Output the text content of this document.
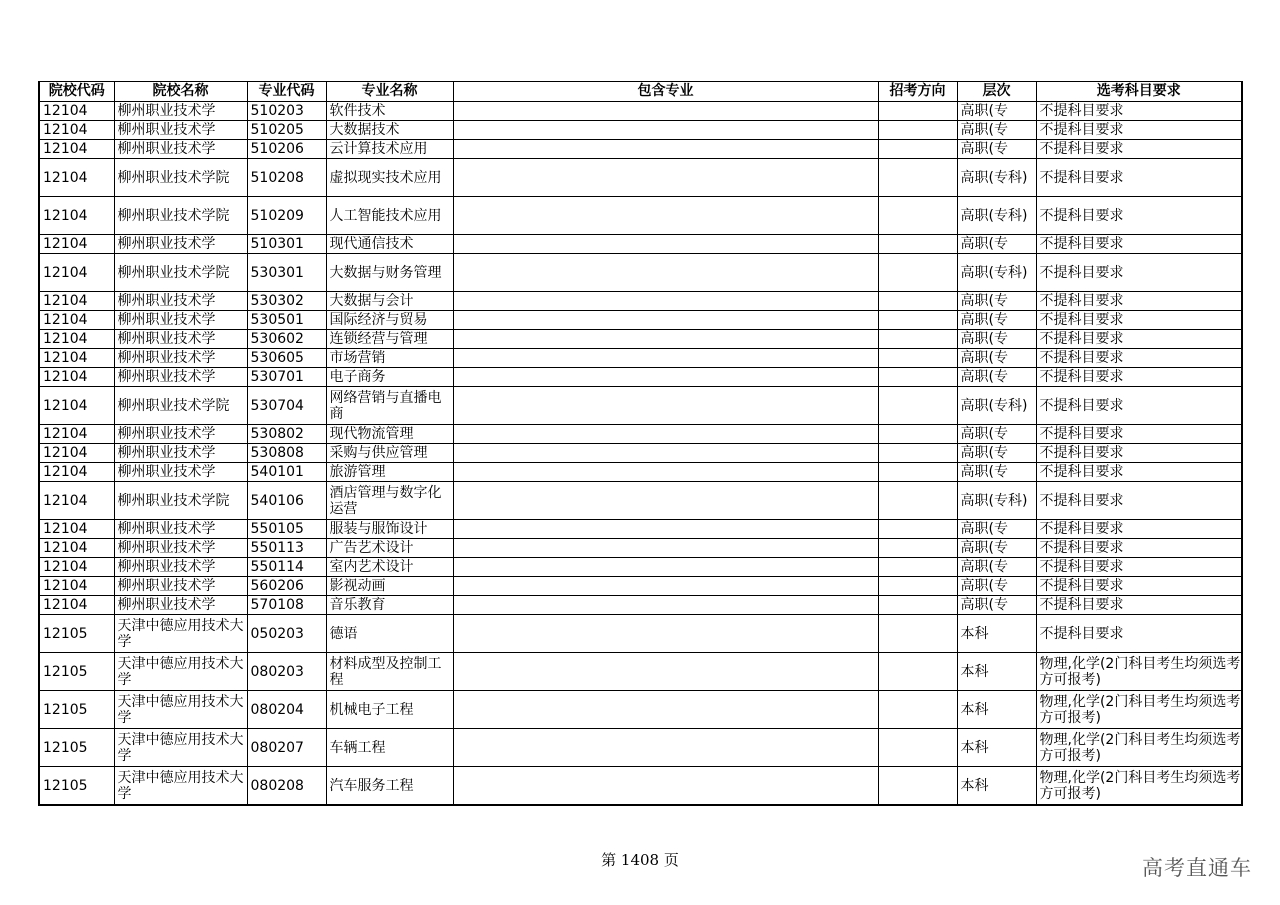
院校代码	院校名称	专业代码	专业名称	包含专业	招考方向	层次	选考科目要求
12104	柳州职业技术学	510203	软件技术			高职(专	不提科目要求
12104	柳州职业技术学	510205	大数据技术			高职(专	不提科目要求
12104	柳州职业技术学	510206	云计算技术应用			高职(专	不提科目要求
12104	柳州职业技术学院	510208	虚拟现实技术应用			高职(专科)	不提科目要求
12104	柳州职业技术学院	510209	人工智能技术应用			高职(专科)	不提科目要求
12104	柳州职业技术学	510301	现代通信技术			高职(专	不提科目要求
12104	柳州职业技术学院	530301	大数据与财务管理			高职(专科)	不提科目要求
12104	柳州职业技术学	530302	大数据与会计			高职(专	不提科目要求
12104	柳州职业技术学	530501	国际经济与贸易			高职(专	不提科目要求
12104	柳州职业技术学	530602	连锁经营与管理			高职(专	不提科目要求
12104	柳州职业技术学	530605	市场营销			高职(专	不提科目要求
12104	柳州职业技术学	530701	电子商务			高职(专	不提科目要求
12104	柳州职业技术学院	530704	网络营销与直播电商			高职(专科)	不提科目要求
12104	柳州职业技术学	530802	现代物流管理			高职(专	不提科目要求
12104	柳州职业技术学	530808	采购与供应管理			高职(专	不提科目要求
12104	柳州职业技术学	540101	旅游管理			高职(专	不提科目要求
12104	柳州职业技术学院	540106	酒店管理与数字化运营			高职(专科)	不提科目要求
12104	柳州职业技术学	550105	服装与服饰设计			高职(专	不提科目要求
12104	柳州职业技术学	550113	广告艺术设计			高职(专	不提科目要求
12104	柳州职业技术学	550114	室内艺术设计			高职(专	不提科目要求
12104	柳州职业技术学	560206	影视动画			高职(专	不提科目要求
12104	柳州职业技术学	570108	音乐教育			高职(专	不提科目要求
12105	天津中德应用技术大学	050203	德语			本科	不提科目要求
12105	天津中德应用技术大学	080203	材料成型及控制工程			本科	物理,化学(2门科目考生均须选考方可报考)
12105	天津中德应用技术大学	080204	机械电子工程			本科	物理,化学(2门科目考生均须选考方可报考)
12105	天津中德应用技术大学	080207	车辆工程			本科	物理,化学(2门科目考生均须选考方可报考)
12105	天津中德应用技术大学	080208	汽车服务工程			本科	物理,化学(2门科目考生均须选考方可报考)
第 1408 页	高考直通车
